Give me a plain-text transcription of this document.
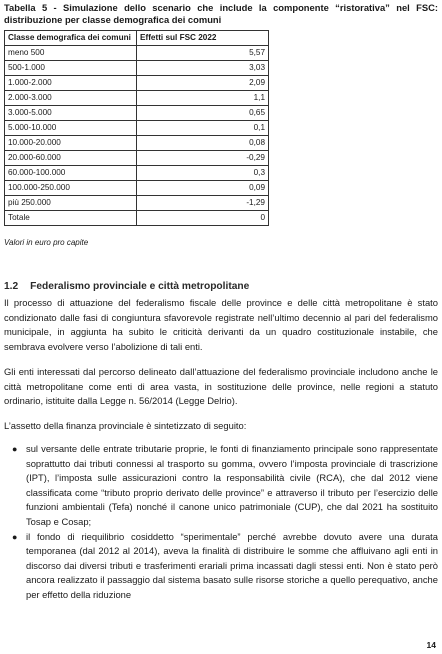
Tabella 5 - Simulazione dello scenario che include la componente “ristorativa” nel FSC: distribuzione per classe demografica dei comuni
Classe demografica dei comuni	Effetti sul FSC 2022
meno 500	5,57
500-1.000	3,03
1.000-2.000	2,09
2.000-3.000	1,1
3.000-5.000	0,65
5.000-10.000	0,1
10.000-20.000	0,08
20.000-60.000	-0,29
60.000-100.000	0,3
100.000-250.000	0,09
più 250.000	-1,29
Totale	0
Valori in euro pro capite
1.2 Federalismo provinciale e città metropolitane

Il processo di attuazione del federalismo fiscale delle province e delle città metropolitane è stato condizionato dalle fasi di congiuntura sfavorevole registrate nell’ultimo decennio al pari del federalismo municipale, in aggiunta ha subito le criticità derivanti da un quadro costituzionale instabile, che sembrava evolvere verso l’abolizione di tali enti.

Gli enti interessati dal percorso delineato dall’attuazione del federalismo provinciale includono anche le città metropolitane come enti di area vasta, in sostituzione delle province, nelle regioni a statuto ordinario, istituite dalla Legge n. 56/2014 (Legge Delrio).

L’assetto della finanza provinciale è sintetizzato di seguito:

● sul versante delle entrate tributarie proprie, le fonti di finanziamento principale sono rappresentate soprattutto dai tributi connessi al trasporto su gomma, ovvero l’imposta provinciale di trascrizione (IPT), l’imposta sulle assicurazioni contro la responsabilità civile (RCA), che dal 2012 viene classificata come “tributo proprio derivato delle province” e attraverso il tributo per l’esercizio delle funzioni ambientali (Tefa) nonché il canone unico patrimoniale (CUP), che dal 2021 ha sostituito Tosap e Cosap;
● il fondo di riequilibrio cosiddetto “sperimentale” perché avrebbe dovuto avere una durata temporanea (dal 2012 al 2014), aveva la finalità di distribuire le somme che affluivano agli enti in discorso dai diversi tributi e trasferimenti erariali prima incassati dagli stessi enti. Non è stato però ancora realizzato il passaggio dal sistema basato sulle risorse storiche a quello perequativo, anche per effetto della riduzione
14
